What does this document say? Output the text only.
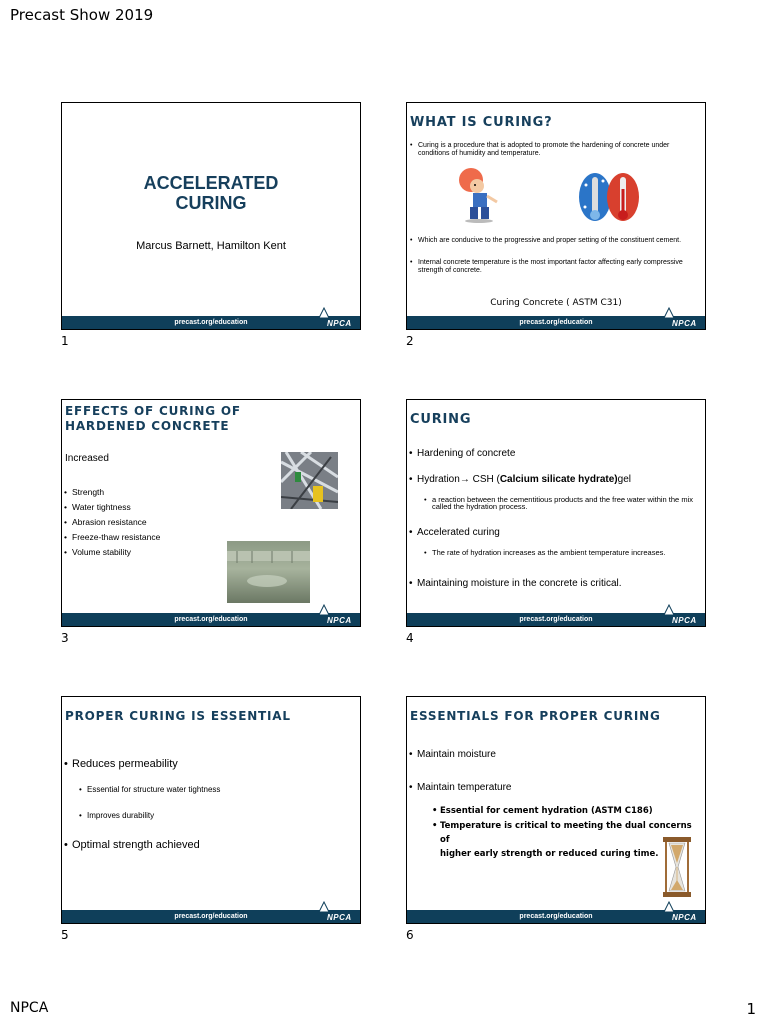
Precast Show 2019
ACCELERATED
CURING
Marcus Barnett, Hamilton Kent
precast.org/education	NPCA
1
WHAT IS CURING?
• Curing is a procedure that is adopted to promote the hardening of concrete under conditions of humidity and temperature.
• Which are conducive to the progressive and proper setting of the constituent cement.
• Internal concrete temperature is the most important factor affecting early compressive strength of concrete.
Curing Concrete ( ASTM C31)
precast.org/education	NPCA
2
EFFECTS OF CURING OF
HARDENED CONCRETE
Increased
• Strength
• Water tightness
• Abrasion resistance
• Freeze-thaw resistance
• Volume stability
precast.org/education	NPCA
3
CURING
• Hardening of concrete
• Hydration→ CSH (Calcium silicate hydrate)gel
• a reaction between the cementitious products and the free water within the mix called the hydration process.
• Accelerated curing
• The rate of hydration increases as the ambient temperature increases.
• Maintaining moisture in the concrete is critical.
precast.org/education	NPCA
4
PROPER CURING IS ESSENTIAL
• Reduces permeability
• Essential for structure water tightness
• Improves durability
• Optimal strength achieved
precast.org/education	NPCA
5
ESSENTIALS FOR PROPER CURING
• Maintain moisture
• Maintain temperature
• Essential for cement hydration (ASTM C186)
• Temperature is critical to meeting the dual concerns of
higher early strength or reduced curing time.
precast.org/education	NPCA
6
NPCA	1
